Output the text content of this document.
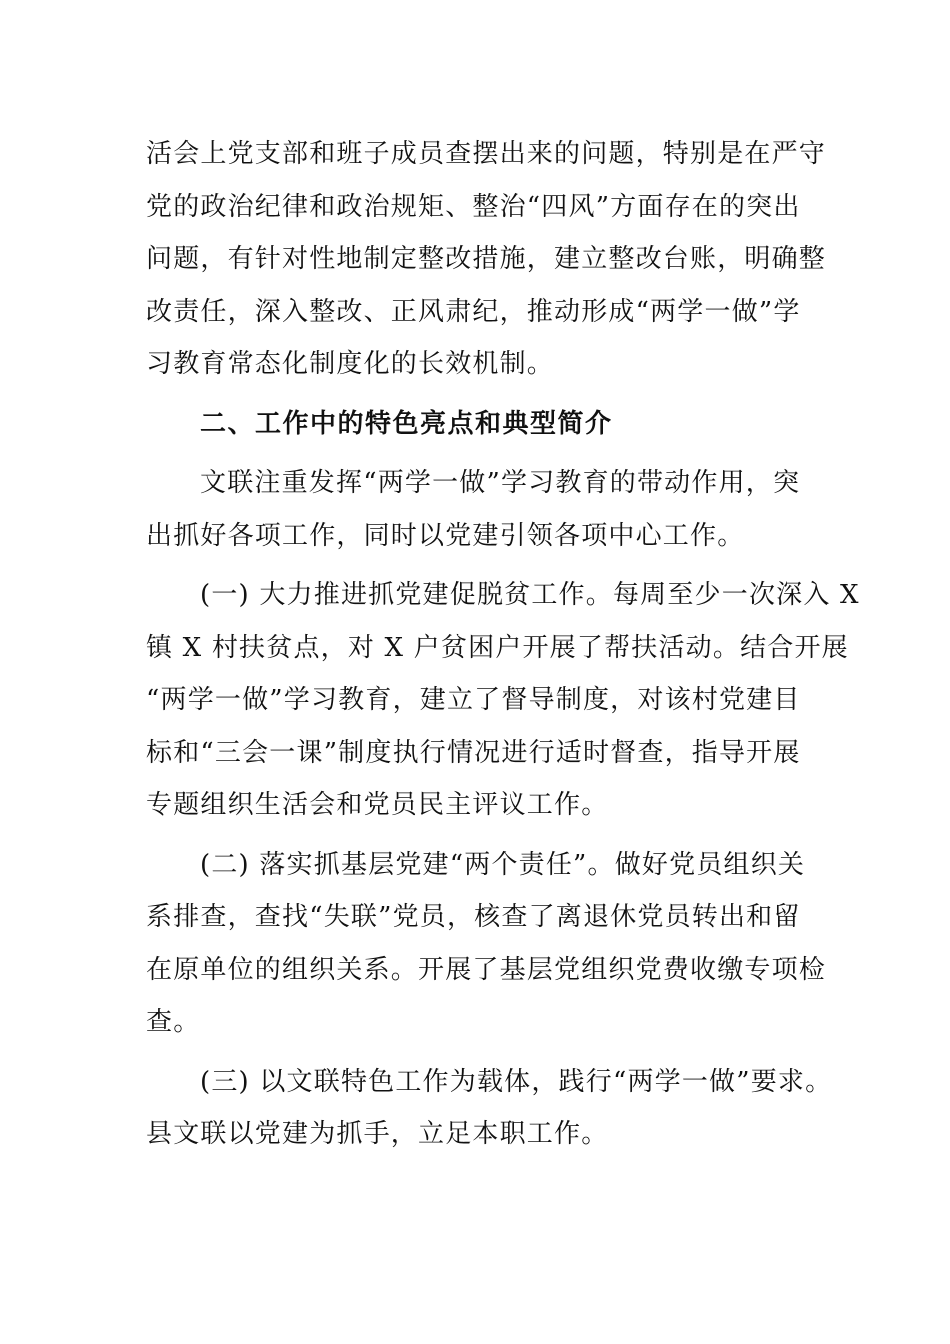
活会上党支部和班子成员查摆出来的问题，特别是在严守
党的政治纪律和政治规矩、整治“四风”方面存在的突出
问题，有针对性地制定整改措施，建立整改台账，明确整
改责任，深入整改、正风肃纪，推动形成“两学一做”学
习教育常态化制度化的长效机制。
二、工作中的特色亮点和典型简介
文联注重发挥“两学一做”学习教育的带动作用，突
出抓好各项工作，同时以党建引领各项中心工作。
(一) 大力推进抓党建促脱贫工作。每周至少一次深入 X
镇 X 村扶贫点，对 X 户贫困户开展了帮扶活动。结合开展
“两学一做”学习教育，建立了督导制度，对该村党建目
标和“三会一课”制度执行情况进行适时督查，指导开展
专题组织生活会和党员民主评议工作。
(二) 落实抓基层党建“两个责任”。做好党员组织关
系排查，查找“失联”党员，核查了离退休党员转出和留
在原单位的组织关系。开展了基层党组织党费收缴专项检
查。
(三) 以文联特色工作为载体，践行“两学一做”要求。
县文联以党建为抓手，立足本职工作。
